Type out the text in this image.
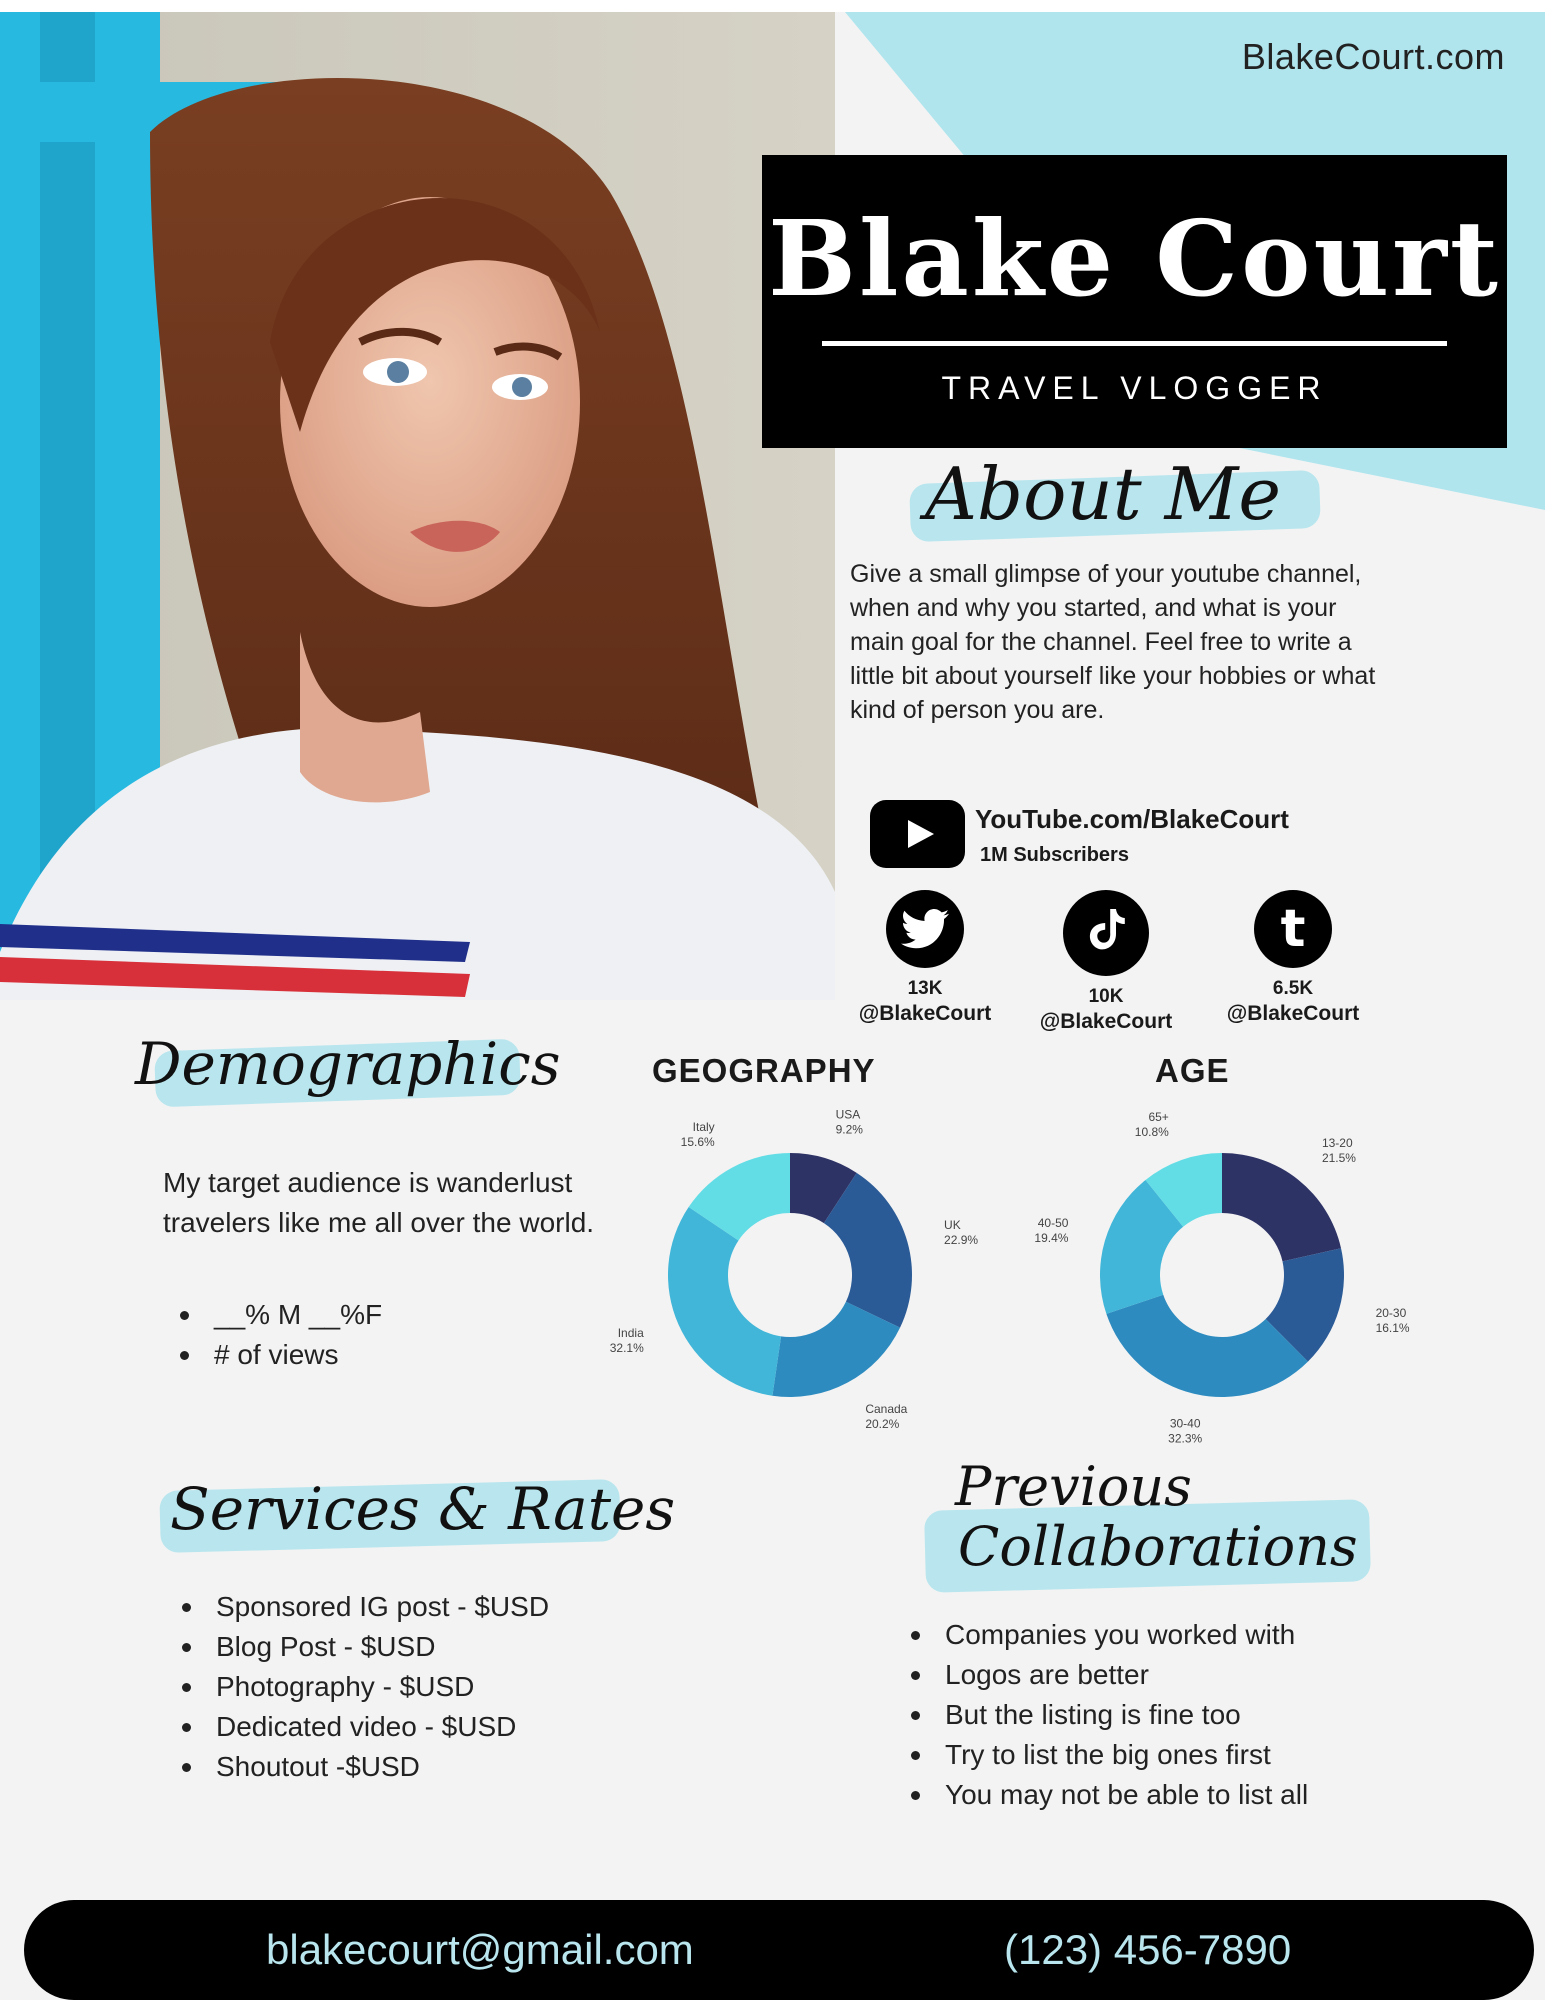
BlakeCourt.com
Blake Court
TRAVEL VLOGGER
About Me
Give a small glimpse of your youtube channel, when and why you started, and what is your main goal for the channel. Feel free to write a little bit about yourself like your hobbies or what kind of person you are.
YouTube.com/BlakeCourt
1M Subscribers
13K
@BlakeCourt
10K
@BlakeCourt
t
6.5K
@BlakeCourt
Demographics
My target audience is wanderlust travelers like me all over the world.
__% M __%F
# of views
GEOGRAPHY
USA
9.2%
UK
22.9%
Canada
20.2%
India
32.1%
Italy
15.6%
AGE
13-20
21.5%
20-30
16.1%
30-40
32.3%
40-50
19.4%
65+
10.8%
Services & Rates
Sponsored IG post - $USD
Blog Post - $USD
Photography - $USD
Dedicated video - $USD
Shoutout -$USD
Previous
Collaborations
Companies you worked with
Logos are better
But the listing is fine too
Try to list the big ones first
You may not be able to list all
blakecourt@gmail.com	(123) 456-7890
